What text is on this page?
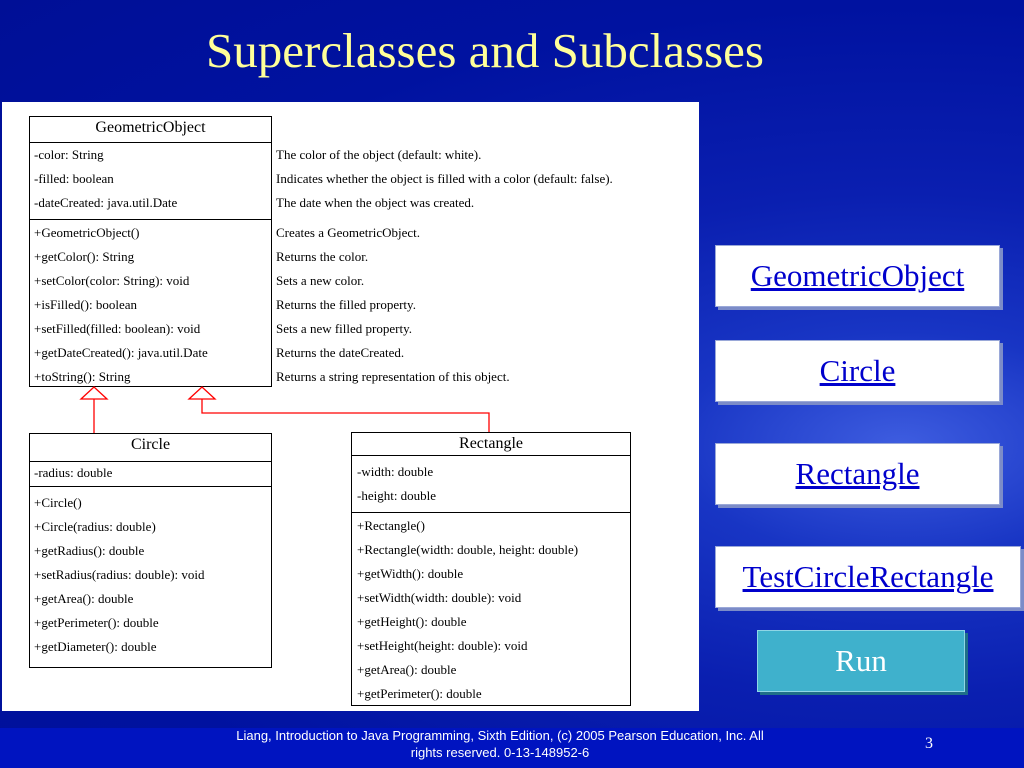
Superclasses and Subclasses
GeometricObject
-color: String
-filled: boolean
-dateCreated: java.util.Date
+GeometricObject()
+getColor(): String
+setColor(color: String): void
+isFilled(): boolean
+setFilled(filled: boolean): void
+getDateCreated(): java.util.Date
+toString(): String
The color of the object (default: white).
Indicates whether the object is filled with a color (default: false).
The date when the object was created.
Creates a GeometricObject.
Returns the color.
Sets a new color.
Returns the filled property.
Sets a new filled property.
Returns the dateCreated.
Returns a string representation of this object.
Circle
-radius: double
+Circle()
+Circle(radius: double)
+getRadius(): double
+setRadius(radius: double): void
+getArea(): double
+getPerimeter(): double
+getDiameter(): double
Rectangle
-width: double
-height: double
+Rectangle()
+Rectangle(width: double, height: double)
+getWidth(): double
+setWidth(width: double): void
+getHeight(): double
+setHeight(height: double): void
+getArea(): double
+getPerimeter(): double
GeometricObject
Circle
Rectangle
TestCircleRectangle
Run
Liang, Introduction to Java Programming, Sixth Edition, (c) 2005 Pearson Education, Inc. All
rights reserved. 0-13-148952-6
3
